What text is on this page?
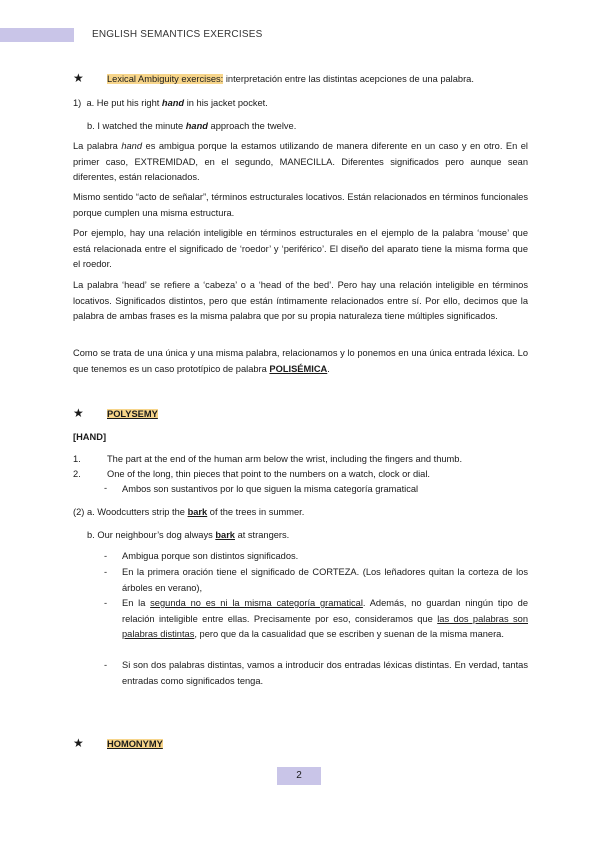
ENGLISH SEMANTICS EXERCISES
★ Lexical Ambiguity exercises: interpretación entre las distintas acepciones de una palabra.
1) a. He put his right hand in his jacket pocket.
b. I watched the minute hand approach the twelve.
La palabra hand es ambigua porque la estamos utilizando de manera diferente en un caso y en otro. En el primer caso, EXTREMIDAD, en el segundo, MANECILLA. Diferentes significados pero aunque sean diferentes, están relacionados.
Mismo sentido “acto de señalar”, términos estructurales locativos. Están relacionados en términos funcionales porque cumplen una misma estructura.
Por ejemplo, hay una relación inteligible en términos estructurales en el ejemplo de la palabra ‘mouse’ que está relacionada entre el significado de ‘roedor’ y ‘periférico’. El diseño del aparato tiene la misma forma que el roedor.
La palabra ‘head’ se refiere a ‘cabeza’ o a ‘head of the bed’. Pero hay una relación inteligible en términos locativos. Significados distintos, pero que están íntimamente relacionados entre sí. Por ello, decimos que la palabra de ambas frases es la misma palabra que por su propia naturaleza tiene múltiples significados.
Como se trata de una única y una misma palabra, relacionamos y lo ponemos en una única entrada léxica. Lo que tenemos es un caso prototípico de palabra POLISÉMICA.
★ POLYSEMY
[HAND]
1.	The part at the end of the human arm below the wrist, including the fingers and thumb.
2.	One of the long, thin pieces that point to the numbers on a watch, clock or dial.
- Ambos son sustantivos por lo que siguen la misma categoría gramatical
(2) a. Woodcutters strip the bark of the trees in summer.
b. Our neighbour’s dog always bark at strangers.
- Ambigua porque son distintos significados.
- En la primera oración tiene el significado de CORTEZA. (Los leñadores quitan la corteza de los árboles en verano),
- En la segunda no es ni la misma categoría gramatical. Además, no guardan ningún tipo de relación inteligible entre ellas. Precisamente por eso, consideramos que las dos palabras son palabras distintas, pero que da la casualidad que se escriben y suenan de la misma manera.
- Si son dos palabras distintas, vamos a introducir dos entradas léxicas distintas. En verdad, tantas entradas como significados tenga.
★ HOMONYMY
2
